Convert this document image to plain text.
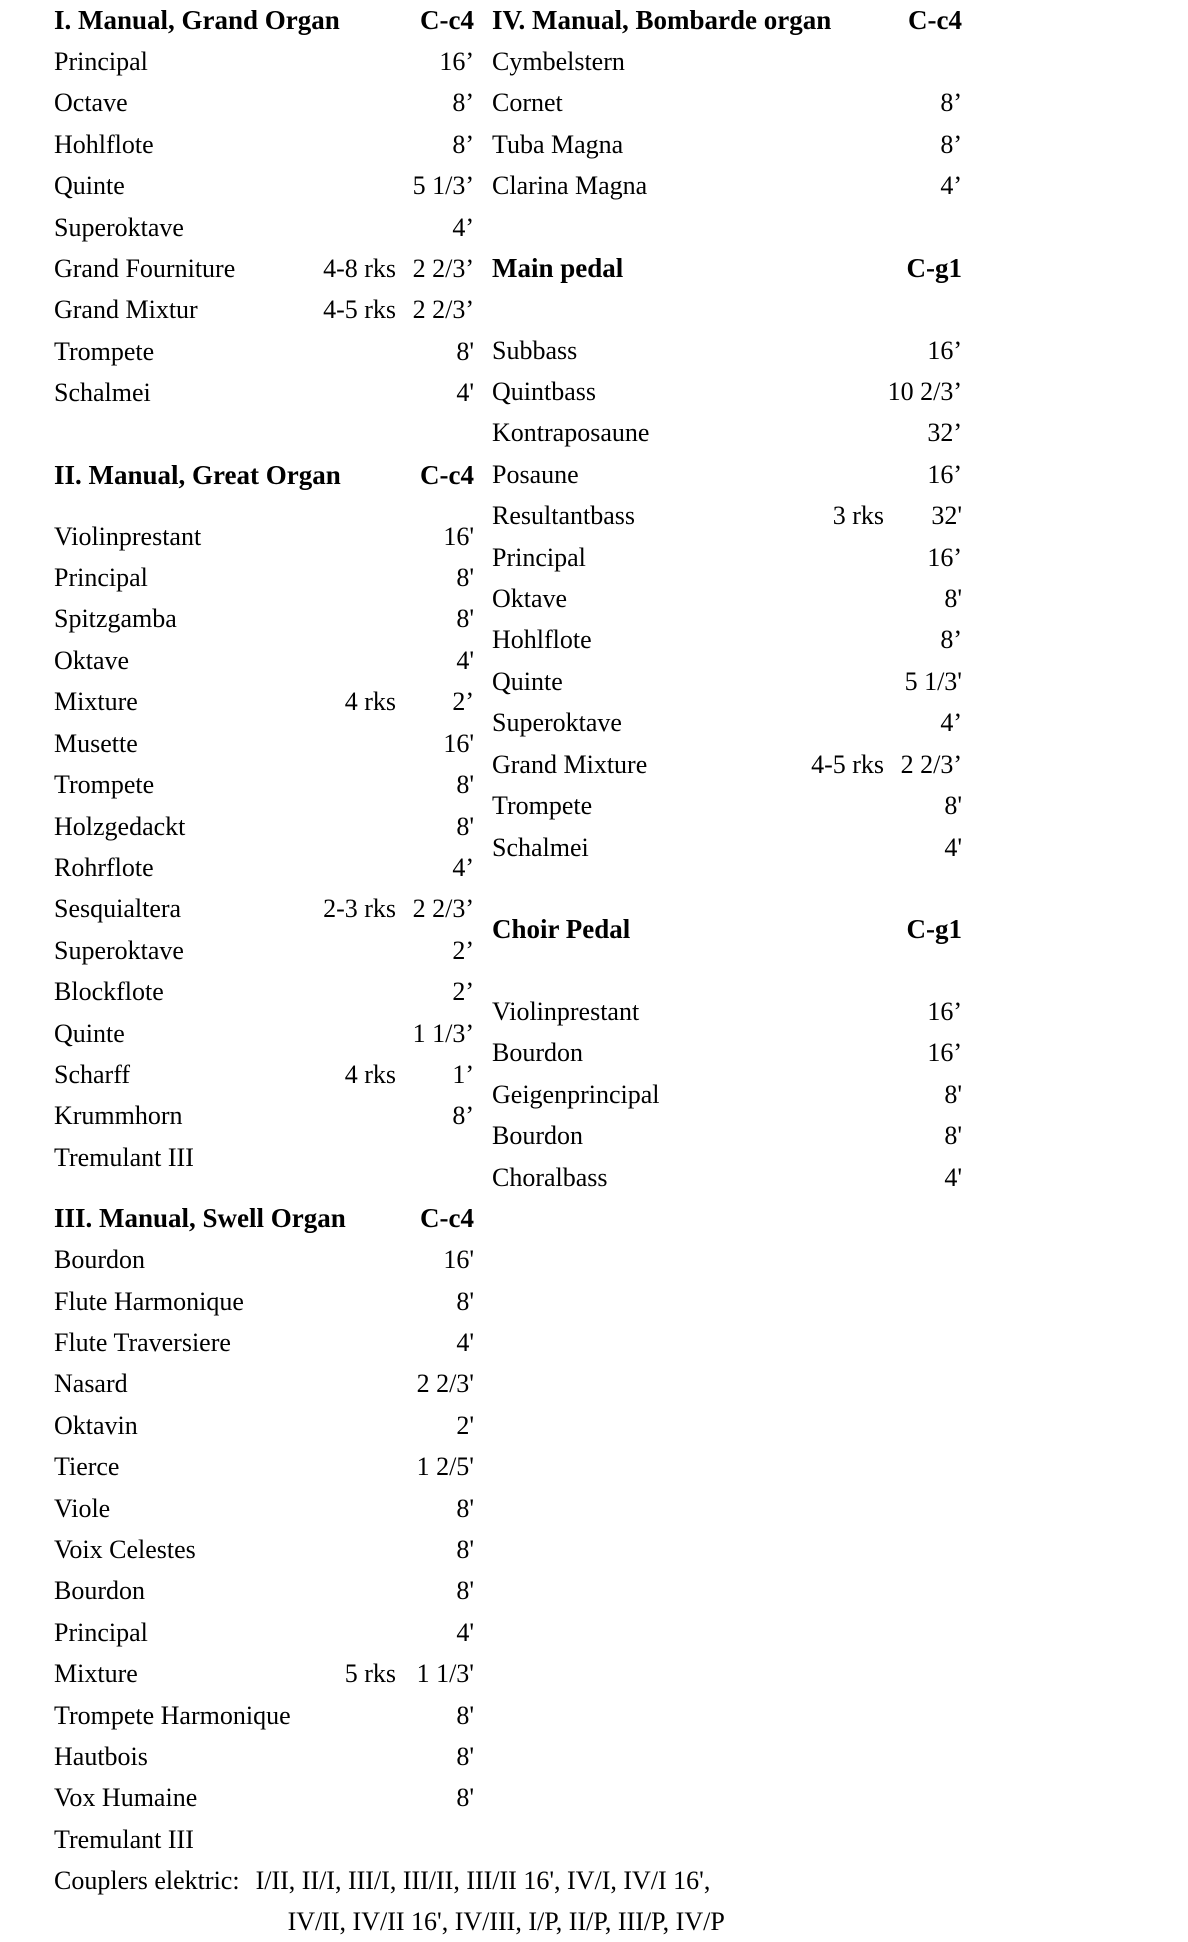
I. Manual, Grand Organ	C-c4
Principal	16’
Octave	8’
Hohlflote	8’
Quinte	5 1/3’
Superoktave	4’
Grand Fourniture	4-8 rks 2 2/3’
Grand Mixtur	4-5 rks 2 2/3’
Trompete	8'
Schalmei	4'
II. Manual, Great Organ	C-c4
Violinprestant	16'
Principal	8'
Spitzgamba	8'
Oktave	4'
Mixture	4 rks	2’
Musette	16'
Trompete	8'
Holzgedackt	8'
Rohrflote	4’
Sesquialtera	2-3 rks 2 2/3’
Superoktave	2’
Blockflote	2’
Quinte	1 1/3’
Scharff	4 rks	1’
Krummhorn	8’
Tremulant III
III. Manual, Swell Organ	C-c4
Bourdon	16'
Flute Harmonique	8'
Flute Traversiere	4'
Nasard	2 2/3'
Oktavin	2'
Tierce	1 2/5'
Viole	8'
Voix Celestes	8'
Bourdon	8'
Principal	4'
Mixture	5 rks 1 1/3'
Trompete Harmonique	8'
Hautbois	8'
Vox Humaine	8'
Tremulant III
Couplers elektric: I/II, II/I, III/I, III/II, III/II 16', IV/I, IV/I 16',
IV/II, IV/II 16', IV/III, I/P, II/P, III/P, IV/P
IV. Manual, Bombarde organ	C-c4
Cymbelstern
Cornet	8’
Tuba Magna	8’
Clarina Magna	4’
Main pedal	C-g1
Subbass	16’
Quintbass	10 2/3’
Kontraposaune	32’
Posaune	16’
Resultantbass	3 rks	32'
Principal	16’
Oktave	8'
Hohlflote	8’
Quinte	5 1/3'
Superoktave	4’
Grand Mixture	4-5 rks 2 2/3’
Trompete	8'
Schalmei	4'
Choir Pedal	C-g1
Violinprestant	16’
Bourdon	16’
Geigenprincipal	8'
Bourdon	8'
Choralbass	4'
